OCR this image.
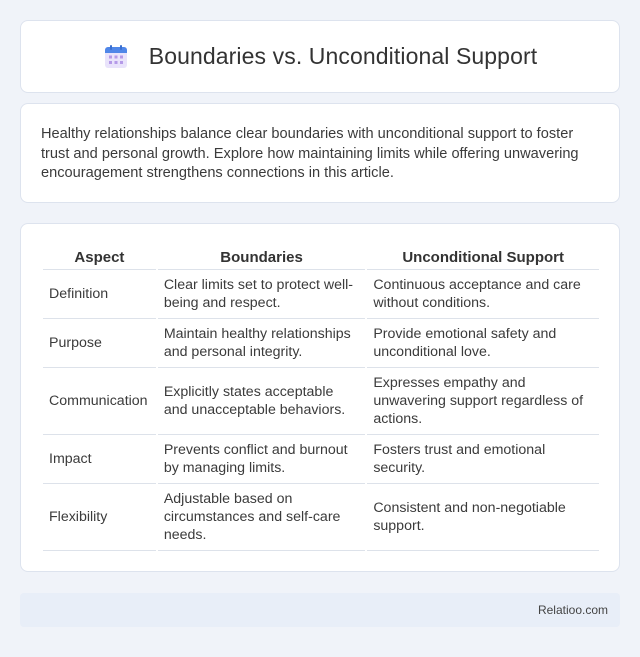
Boundaries vs. Unconditional Support

Healthy relationships balance clear boundaries with unconditional support to foster trust and personal growth. Explore how maintaining limits while offering unwavering encouragement strengthens connections in this article.

Aspect	Boundaries	Unconditional Support
Definition	Clear limits set to protect well-being and respect.	Continuous acceptance and care without conditions.
Purpose	Maintain healthy relationships and personal integrity.	Provide emotional safety and unconditional love.
Communication	Explicitly states acceptable and unacceptable behaviors.	Expresses empathy and unwavering support regardless of actions.
Impact	Prevents conflict and burnout by managing limits.	Fosters trust and emotional security.
Flexibility	Adjustable based on circumstances and self-care needs.	Consistent and non-negotiable support.
Relatioo.com
